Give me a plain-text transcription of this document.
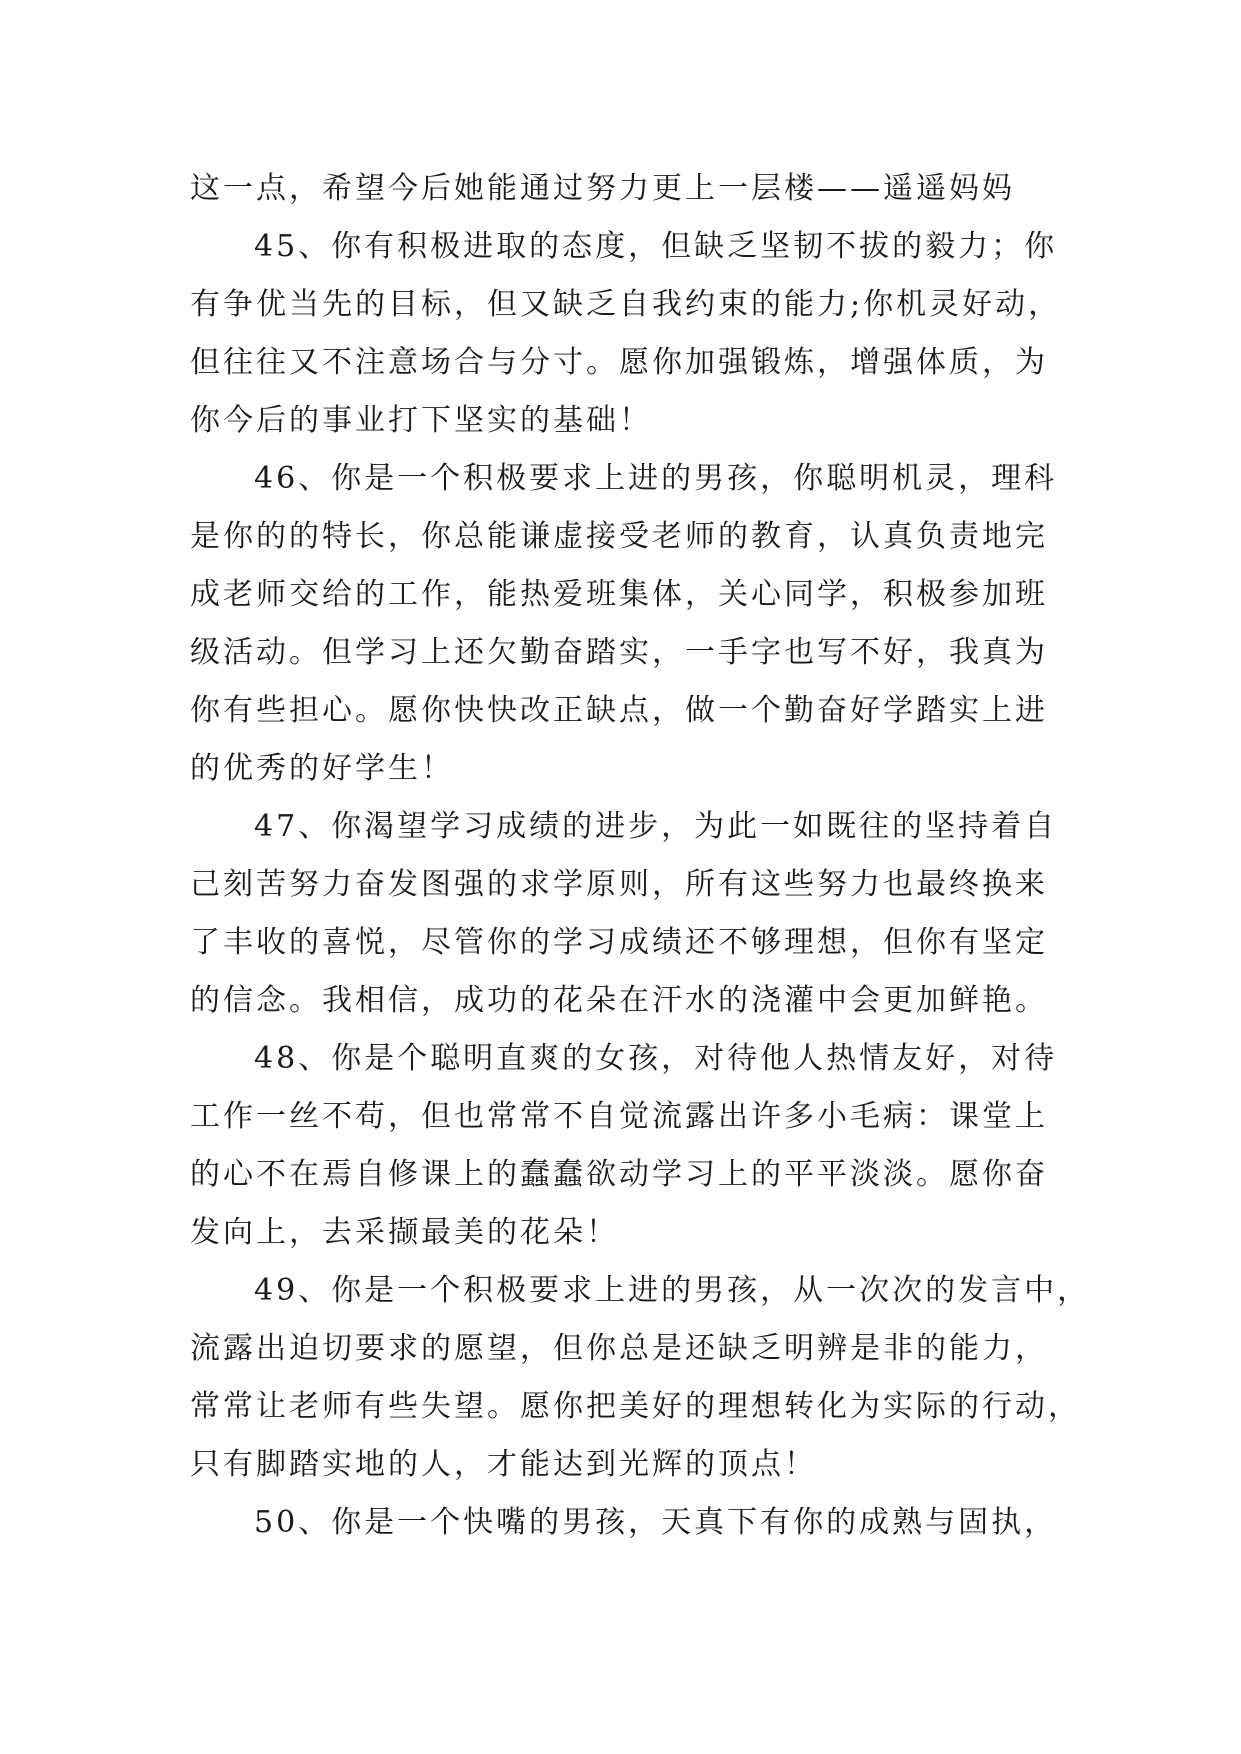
这一点，希望今后她能通过努力更上一层楼——遥遥妈妈
45、你有积极进取的态度，但缺乏坚韧不拔的毅力；你
有争优当先的目标，但又缺乏自我约束的能力;你机灵好动，
但往往又不注意场合与分寸。愿你加强锻炼，增强体质，为
你今后的事业打下坚实的基础！
46、你是一个积极要求上进的男孩，你聪明机灵，理科
是你的的特长，你总能谦虚接受老师的教育，认真负责地完
成老师交给的工作，能热爱班集体，关心同学，积极参加班
级活动。但学习上还欠勤奋踏实，一手字也写不好，我真为
你有些担心。愿你快快改正缺点，做一个勤奋好学踏实上进
的优秀的好学生！
47、你渴望学习成绩的进步，为此一如既往的坚持着自
己刻苦努力奋发图强的求学原则，所有这些努力也最终换来
了丰收的喜悦，尽管你的学习成绩还不够理想，但你有坚定
的信念。我相信，成功的花朵在汗水的浇灌中会更加鲜艳。
48、你是个聪明直爽的女孩，对待他人热情友好，对待
工作一丝不苟，但也常常不自觉流露出许多小毛病：课堂上
的心不在焉自修课上的蠢蠢欲动学习上的平平淡淡。愿你奋
发向上，去采撷最美的花朵！
49、你是一个积极要求上进的男孩，从一次次的发言中，
流露出迫切要求的愿望，但你总是还缺乏明辨是非的能力，
常常让老师有些失望。愿你把美好的理想转化为实际的行动，
只有脚踏实地的人，才能达到光辉的顶点！
50、你是一个快嘴的男孩，天真下有你的成熟与固执，
